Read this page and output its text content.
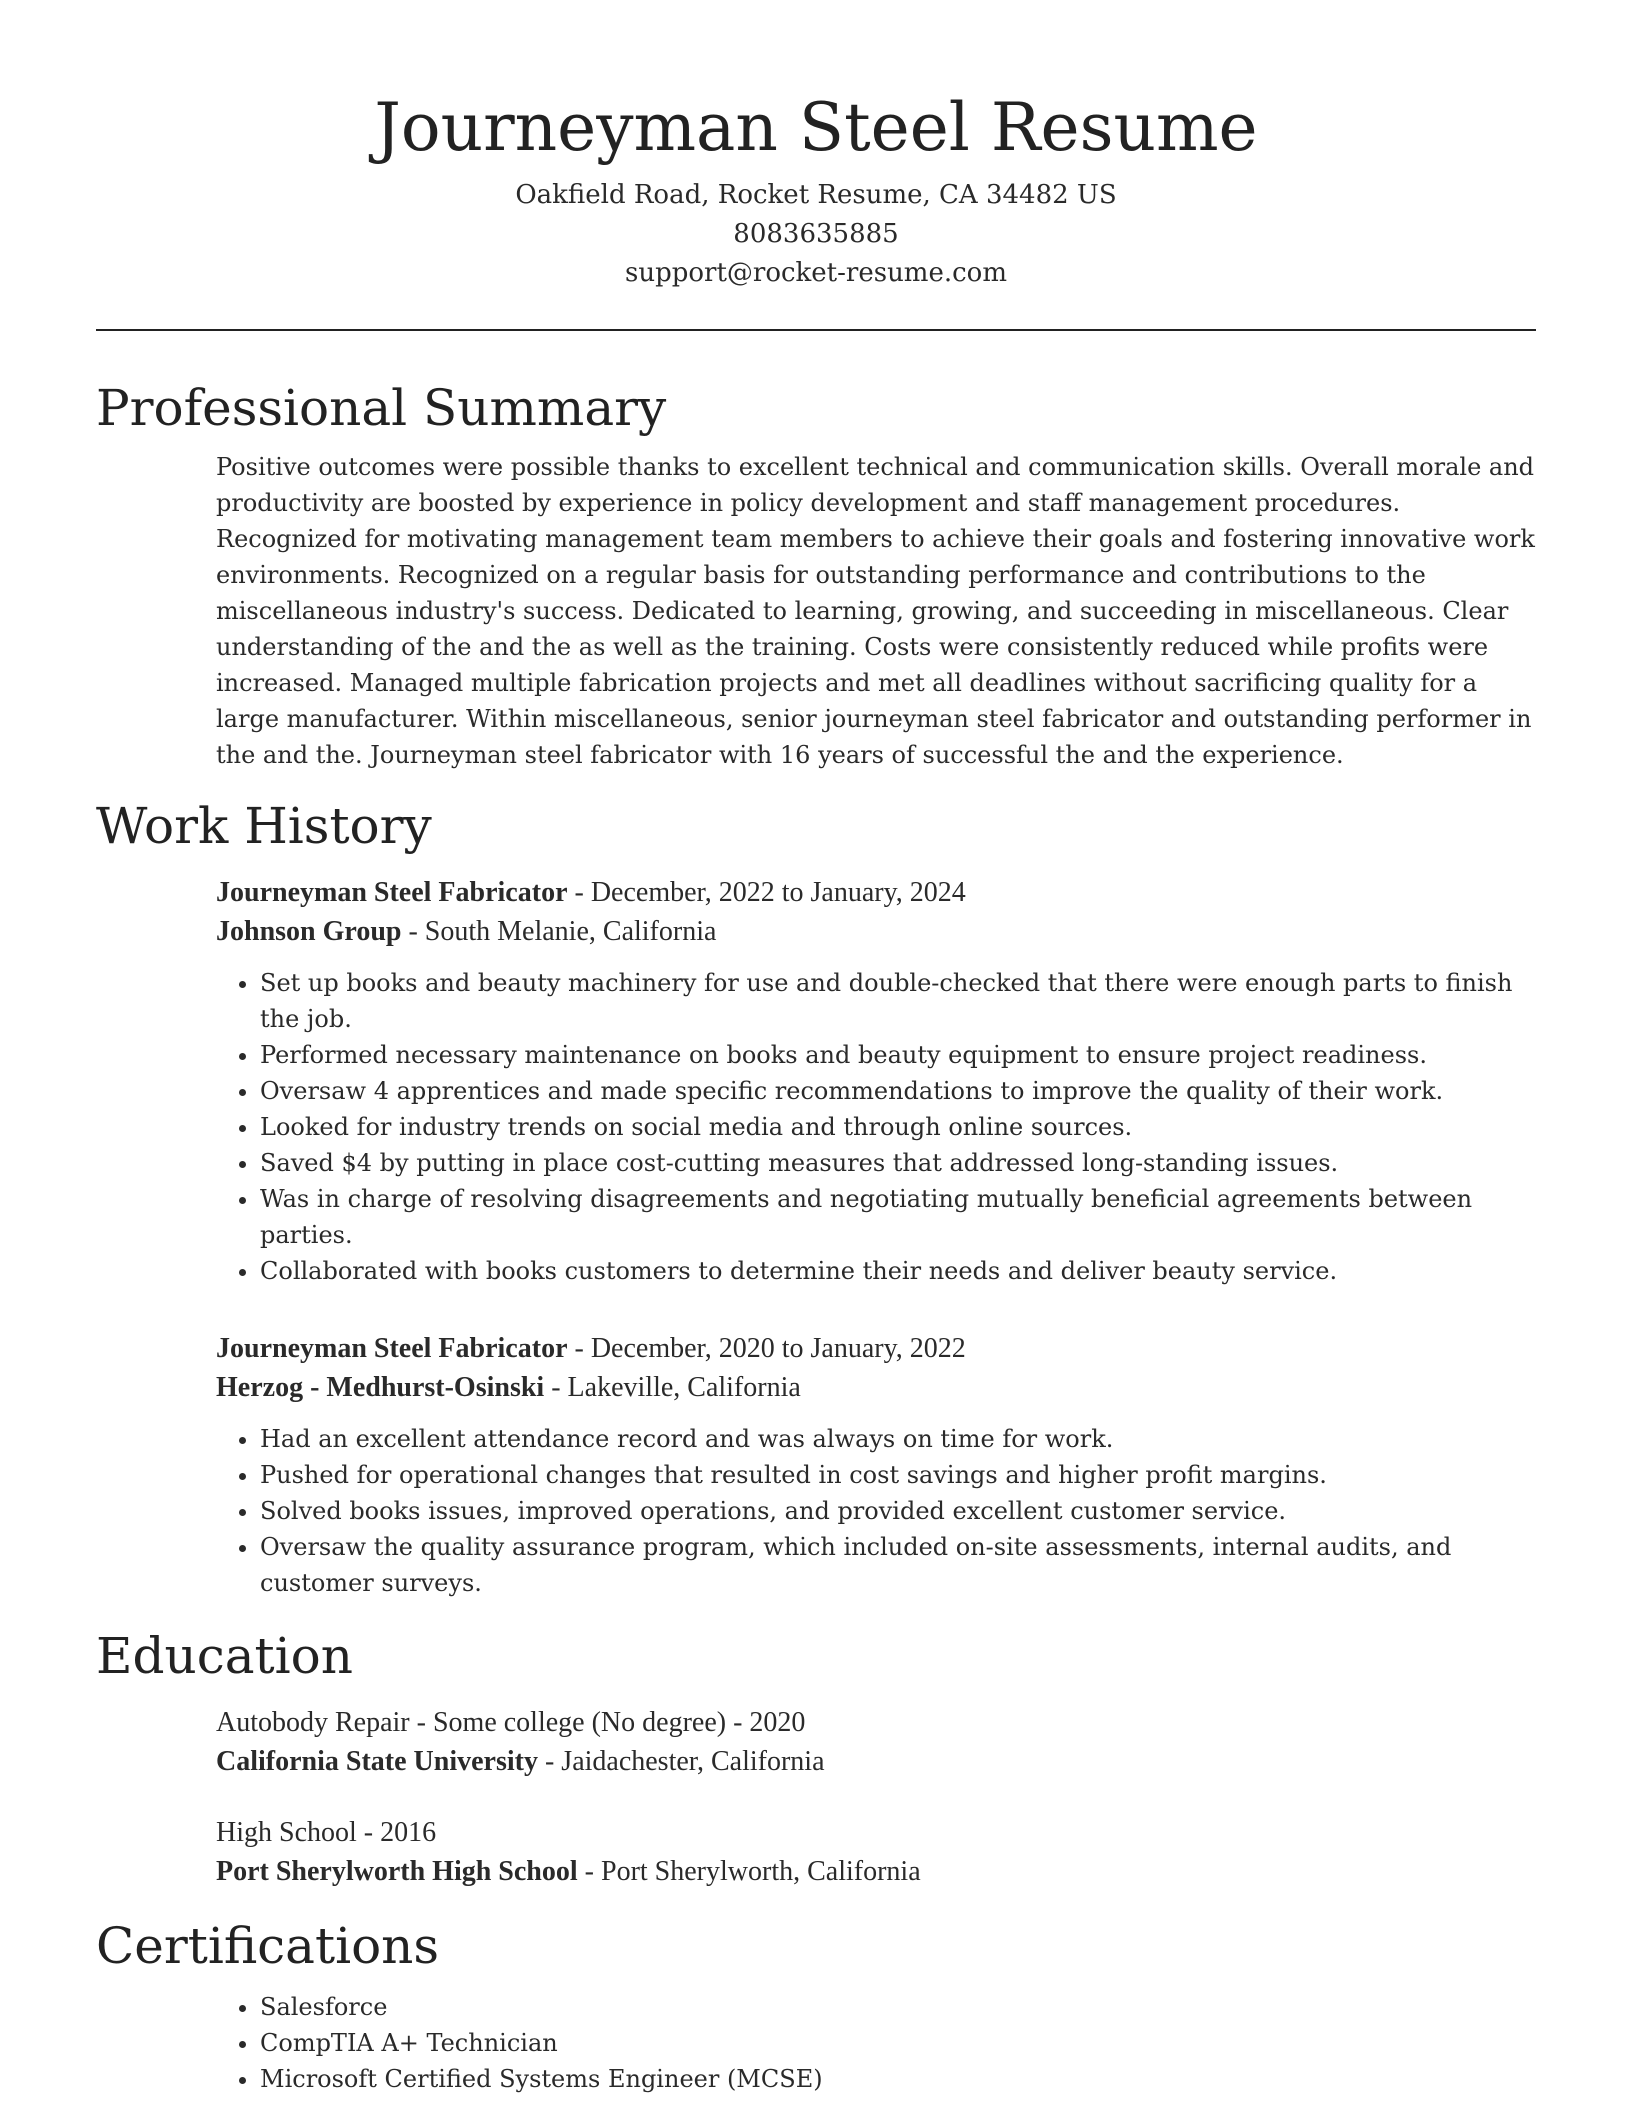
Journeyman Steel Resume
Oakfield Road, Rocket Resume, CA 34482 US
8083635885
support@rocket-resume.com
Professional Summary
Positive outcomes were possible thanks to excellent technical and communication skills. Overall morale and productivity are boosted by experience in policy development and staff management procedures. Recognized for motivating management team members to achieve their goals and fostering innovative work environments. Recognized on a regular basis for outstanding performance and contributions to the miscellaneous industry's success. Dedicated to learning, growing, and succeeding in miscellaneous. Clear understanding of the and the as well as the training. Costs were consistently reduced while profits were increased. Managed multiple fabrication projects and met all deadlines without sacrificing quality for a large manufacturer. Within miscellaneous, senior journeyman steel fabricator and outstanding performer in the and the. Journeyman steel fabricator with 16 years of successful the and the experience.
Work History
Journeyman Steel Fabricator - December, 2022 to January, 2024
Johnson Group - South Melanie, California
• Set up books and beauty machinery for use and double-checked that there were enough parts to finish the job.
• Performed necessary maintenance on books and beauty equipment to ensure project readiness.
• Oversaw 4 apprentices and made specific recommendations to improve the quality of their work.
• Looked for industry trends on social media and through online sources.
• Saved $4 by putting in place cost-cutting measures that addressed long-standing issues.
• Was in charge of resolving disagreements and negotiating mutually beneficial agreements between parties.
• Collaborated with books customers to determine their needs and deliver beauty service.
Journeyman Steel Fabricator - December, 2020 to January, 2022
Herzog - Medhurst-Osinski - Lakeville, California
• Had an excellent attendance record and was always on time for work.
• Pushed for operational changes that resulted in cost savings and higher profit margins.
• Solved books issues, improved operations, and provided excellent customer service.
• Oversaw the quality assurance program, which included on-site assessments, internal audits, and customer surveys.
Education
Autobody Repair - Some college (No degree) - 2020
California State University - Jaidachester, California
High School - 2016
Port Sherylworth High School - Port Sherylworth, California
Certifications
• Salesforce
• CompTIA A+ Technician
• Microsoft Certified Systems Engineer (MCSE)
